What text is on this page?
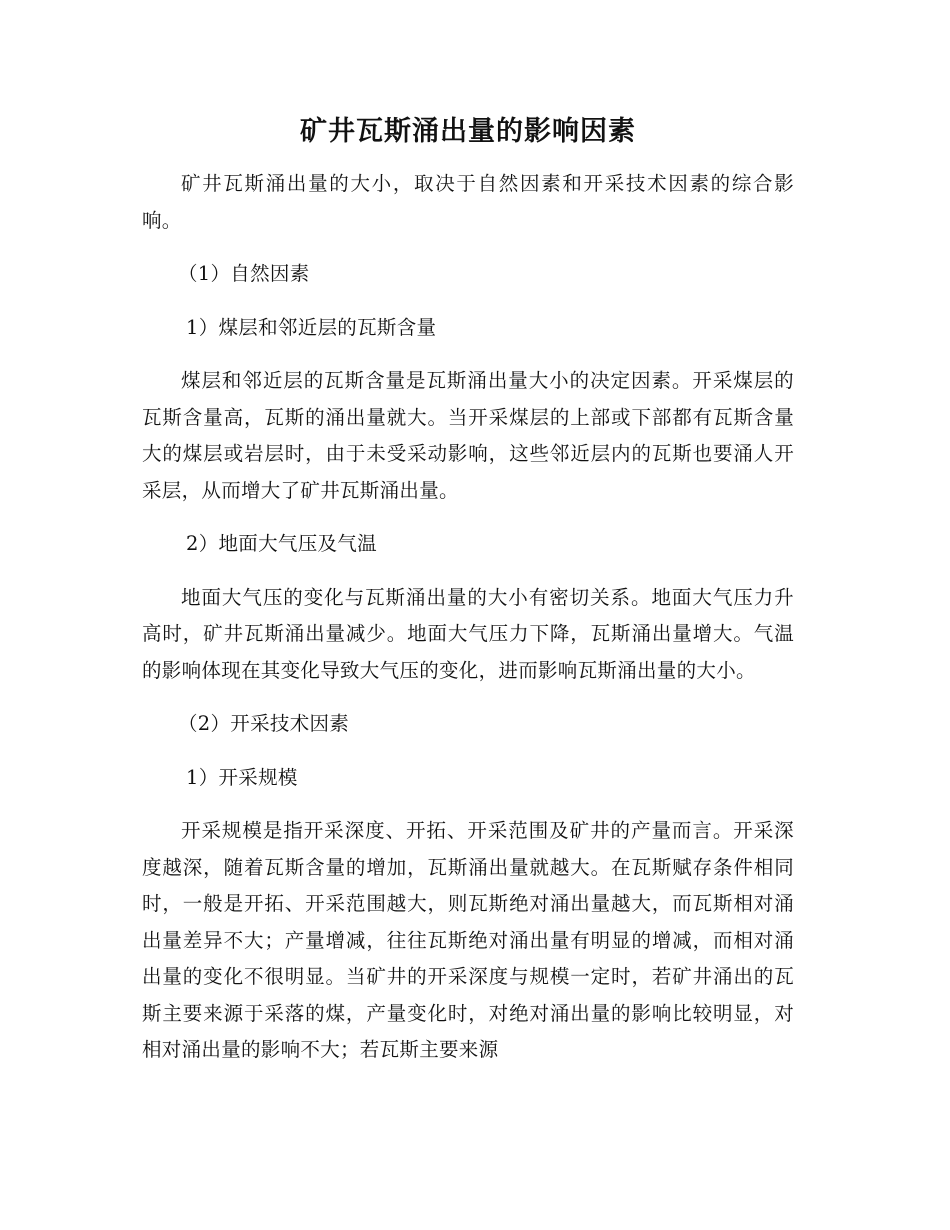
矿井瓦斯涌出量的影响因素

矿井瓦斯涌出量的大小，取决于自然因素和开采技术因素的综合影响。

（1）自然因素

1）煤层和邻近层的瓦斯含量

煤层和邻近层的瓦斯含量是瓦斯涌出量大小的决定因素。开采煤层的瓦斯含量高，瓦斯的涌出量就大。当开采煤层的上部或下部都有瓦斯含量大的煤层或岩层时，由于未受采动影响，这些邻近层内的瓦斯也要涌人开采层，从而增大了矿井瓦斯涌出量。

2）地面大气压及气温

地面大气压的变化与瓦斯涌出量的大小有密切关系。地面大气压力升高时，矿井瓦斯涌出量减少。地面大气压力下降，瓦斯涌出量增大。气温的影响体现在其变化导致大气压的变化，进而影响瓦斯涌出量的大小。

（2）开采技术因素

1）开采规模

开采规模是指开采深度、开拓、开采范围及矿井的产量而言。开采深度越深，随着瓦斯含量的增加，瓦斯涌出量就越大。在瓦斯赋存条件相同时，一般是开拓、开采范围越大，则瓦斯绝对涌出量越大，而瓦斯相对涌出量差异不大；产量增减，往往瓦斯绝对涌出量有明显的增减，而相对涌出量的变化不很明显。当矿井的开采深度与规模一定时，若矿井涌出的瓦斯主要来源于采落的煤，产量变化时，对绝对涌出量的影响比较明显，对相对涌出量的影响不大；若瓦斯主要来源
